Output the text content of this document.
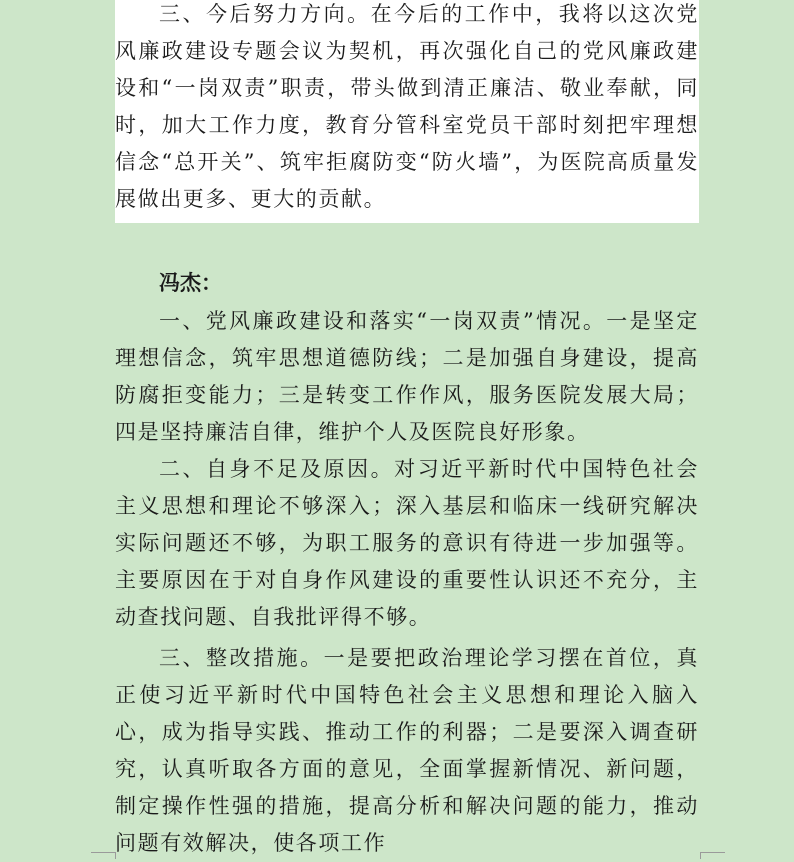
三、今后努力方向。在今后的工作中，我将以这次党风廉政建设专题会议为契机，再次强化自己的党风廉政建设和“一岗双责”职责，带头做到清正廉洁、敬业奉献，同时，加大工作力度，教育分管科室党员干部时刻把牢理想信念“总开关”、筑牢拒腐防变“防火墙”，为医院高质量发展做出更多、更大的贡献。

冯杰：

一、党风廉政建设和落实“一岗双责”情况。一是坚定理想信念，筑牢思想道德防线；二是加强自身建设，提高防腐拒变能力；三是转变工作作风，服务医院发展大局；四是坚持廉洁自律，维护个人及医院良好形象。

二、自身不足及原因。对习近平新时代中国特色社会主义思想和理论不够深入；深入基层和临床一线研究解决实际问题还不够，为职工服务的意识有待进一步加强等。主要原因在于对自身作风建设的重要性认识还不充分，主动查找问题、自我批评得不够。

三、整改措施。一是要把政治理论学习摆在首位，真正使习近平新时代中国特色社会主义思想和理论入脑入心，成为指导实践、推动工作的利器；二是要深入调查研究，认真听取各方面的意见，全面掌握新情况、新问题，制定操作性强的措施，提高分析和解决问题的能力，推动问题有效解决，使各项工作
